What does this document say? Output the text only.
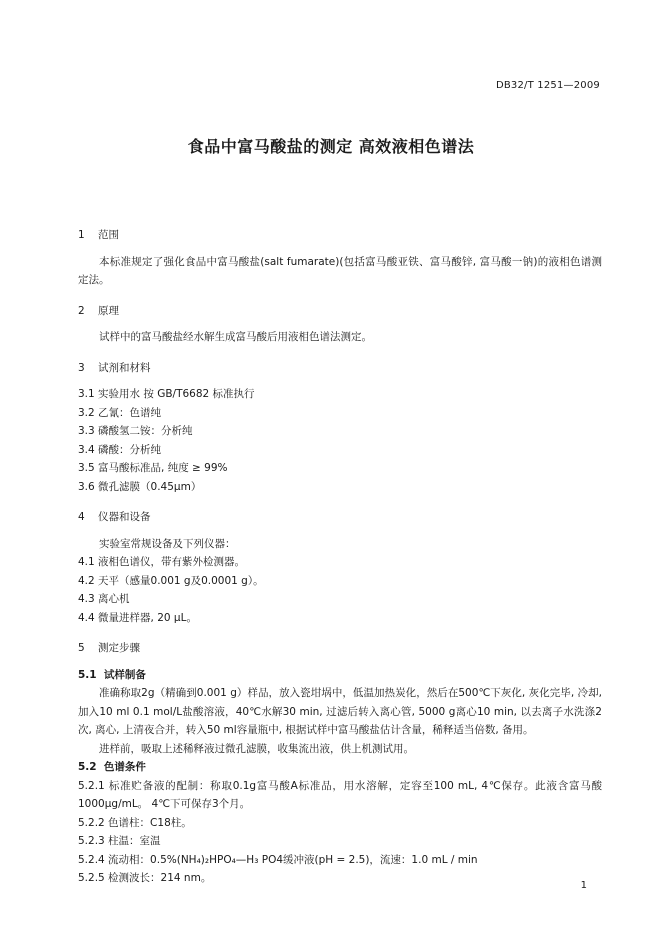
DB32/T 1251—2009
食品中富马酸盐的测定 高效液相色谱法

1 范围

本标准规定了强化食品中富马酸盐(salt fumarate)(包括富马酸亚铁、富马酸锌, 富马酸一钠)的液相色谱测定法。

2 原理

试样中的富马酸盐经水解生成富马酸后用液相色谱法测定。

3 试剂和材料

3.1 实验用水 按 GB/T6682 标准执行

3.2 乙氰：色谱纯

3.3 磷酸氢二铵：分析纯

3.4 磷酸：分析纯

3.5 富马酸标准品, 纯度 ≥ 99%

3.6 微孔滤膜（0.45μm）

4 仪器和设备

实验室常规设备及下列仪器：

4.1 液相色谱仪，带有紫外检测器。

4.2 天平（感量0.001 g及0.0001 g）。

4.3 离心机

4.4 微量进样器, 20 μL。

5 测定步骤

5.1 试样制备

准确称取2g（精确到0.001 g）样品，放入瓷坩埚中，低温加热炭化，然后在500℃下灰化, 灰化完毕, 冷却, 加入10 ml 0.1 mol/L盐酸溶液，40℃水解30 min, 过滤后转入离心管, 5000 g离心10 min, 以去离子水洗涤2次, 离心, 上清夜合并，转入50 ml容量瓶中, 根据试样中富马酸盐估计含量，稀释适当倍数, 备用。

进样前，吸取上述稀释液过微孔滤膜，收集流出液，供上机测试用。

5.2 色谱条件

5.2.1 标准贮备液的配制：称取0.1g富马酸A标准品，用水溶解，定容至100 mL, 4℃保存。此液含富马酸1000μg/mL。 4℃下可保存3个月。

5.2.2 色谱柱：C18柱。

5.2.3 柱温：室温

5.2.4 流动相：0.5%(NH₄)₂HPO₄—H₃ PO4缓冲液(pH = 2.5)，流速：1.0 mL / min

5.2.5 检测波长：214 nm。

1
